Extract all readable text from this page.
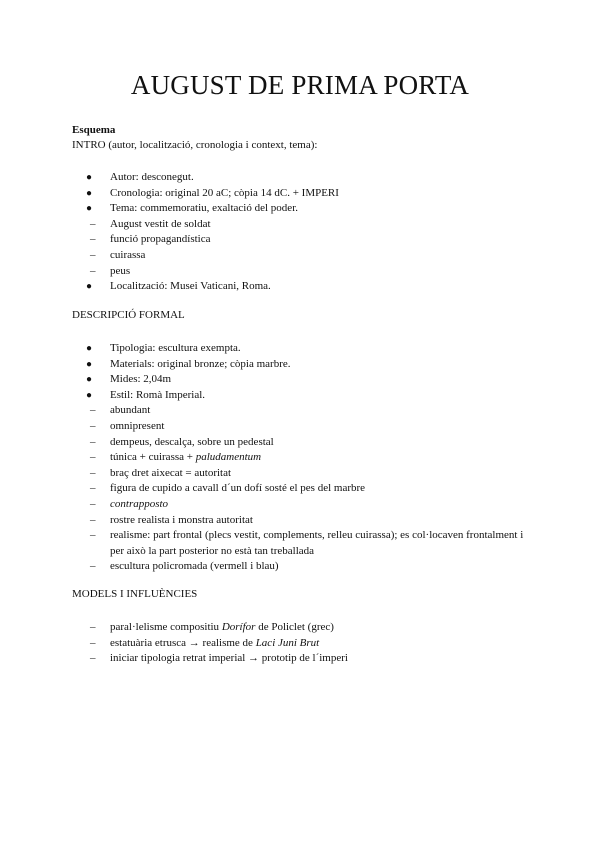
AUGUST DE PRIMA PORTA
Esquema
INTRO (autor, localització, cronologia i context, tema):
● Autor: desconegut.
● Cronologia: original 20 aC; còpia 14 dC. + IMPERI
● Tema: commemoratiu, exaltació del poder.
– August vestit de soldat
– funció propagandística
– cuirassa
– peus
● Localització: Musei Vaticani, Roma.
DESCRIPCIÓ FORMAL
● Tipologia: escultura exempta.
● Materials: original bronze; còpia marbre.
● Mides: 2,04m
● Estil: Romà Imperial.
– abundant
– omnipresent
– dempeus, descalça, sobre un pedestal
– túnica + cuirassa + paludamentum
– braç dret aixecat = autoritat
– figura de cupido a cavall d´un dofí sosté el pes del marbre
– contrapposto
– rostre realista i monstra autoritat
– realisme: part frontal (plecs vestit, complements, relleu cuirassa); es col·locaven frontalment i per això la part posterior no està tan treballada
– escultura policromada (vermell i blau)
MODELS I INFLUÈNCIES
– paral·lelisme compositiu Dorífor de Policlet (grec)
– estatuària etrusca → realisme de Laci Juni Brut
– iniciar tipologia retrat imperial → prototip de l´imperi
